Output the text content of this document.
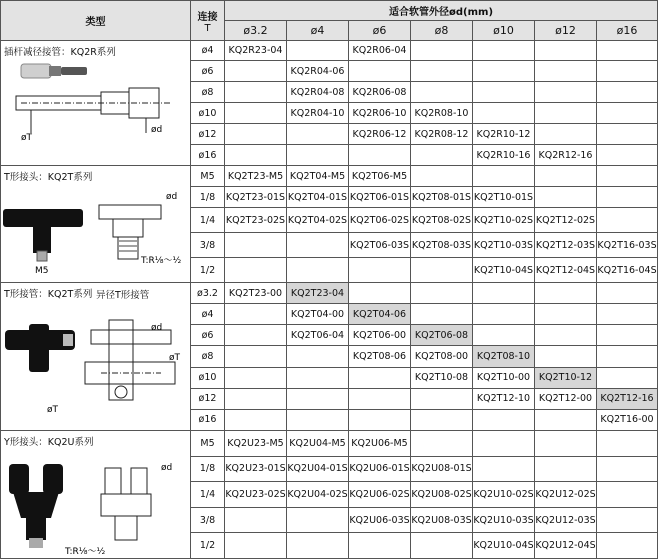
类型	连接
T	适合软管外径ød(mm)						
		ø3.2	ø4	ø6	ø8	ø10	ø12	ø16

插杆减径接管：KQ2R系列
øT
ød	ø4	KQ2R23-04		KQ2R06-04				
	ø6		KQ2R04-06					
	ø8		KQ2R04-08	KQ2R06-08				
	ø10		KQ2R04-10	KQ2R06-10	KQ2R08-10			
	ø12			KQ2R06-12	KQ2R08-12	KQ2R10-12		
	ø16					KQ2R10-16	KQ2R12-16	

T形接头：KQ2T系列
ød
M5
T:R⅛～½	M5	KQ2T23-M5	KQ2T04-M5	KQ2T06-M5				
	1/8	KQ2T23-01S	KQ2T04-01S	KQ2T06-01S	KQ2T08-01S	KQ2T10-01S		
	1/4	KQ2T23-02S	KQ2T04-02S	KQ2T06-02S	KQ2T08-02S	KQ2T10-02S	KQ2T12-02S	
	3/8			KQ2T06-03S	KQ2T08-03S	KQ2T10-03S	KQ2T12-03S	KQ2T16-03S
	1/2					KQ2T10-04S	KQ2T12-04S	KQ2T16-04S

T形接管：KQ2T系列 异径T形接管
ød
øT
øT	ø3.2	KQ2T23-00	KQ2T23-04					
	ø4		KQ2T04-00	KQ2T04-06				
	ø6		KQ2T06-04	KQ2T06-00	KQ2T06-08			
	ø8			KQ2T08-06	KQ2T08-00	KQ2T08-10		
	ø10				KQ2T10-08	KQ2T10-00	KQ2T10-12	
	ø12					KQ2T12-10	KQ2T12-00	KQ2T12-16
	ø16							KQ2T16-00

Y形接头：KQ2U系列
ød
T:R⅛～½	M5	KQ2U23-M5	KQ2U04-M5	KQ2U06-M5				
	1/8	KQ2U23-01S	KQ2U04-01S	KQ2U06-01S	KQ2U08-01S			
	1/4	KQ2U23-02S	KQ2U04-02S	KQ2U06-02S	KQ2U08-02S	KQ2U10-02S	KQ2U12-02S	
	3/8			KQ2U06-03S	KQ2U08-03S	KQ2U10-03S	KQ2U12-03S	
	1/2					KQ2U10-04S	KQ2U12-04S	
